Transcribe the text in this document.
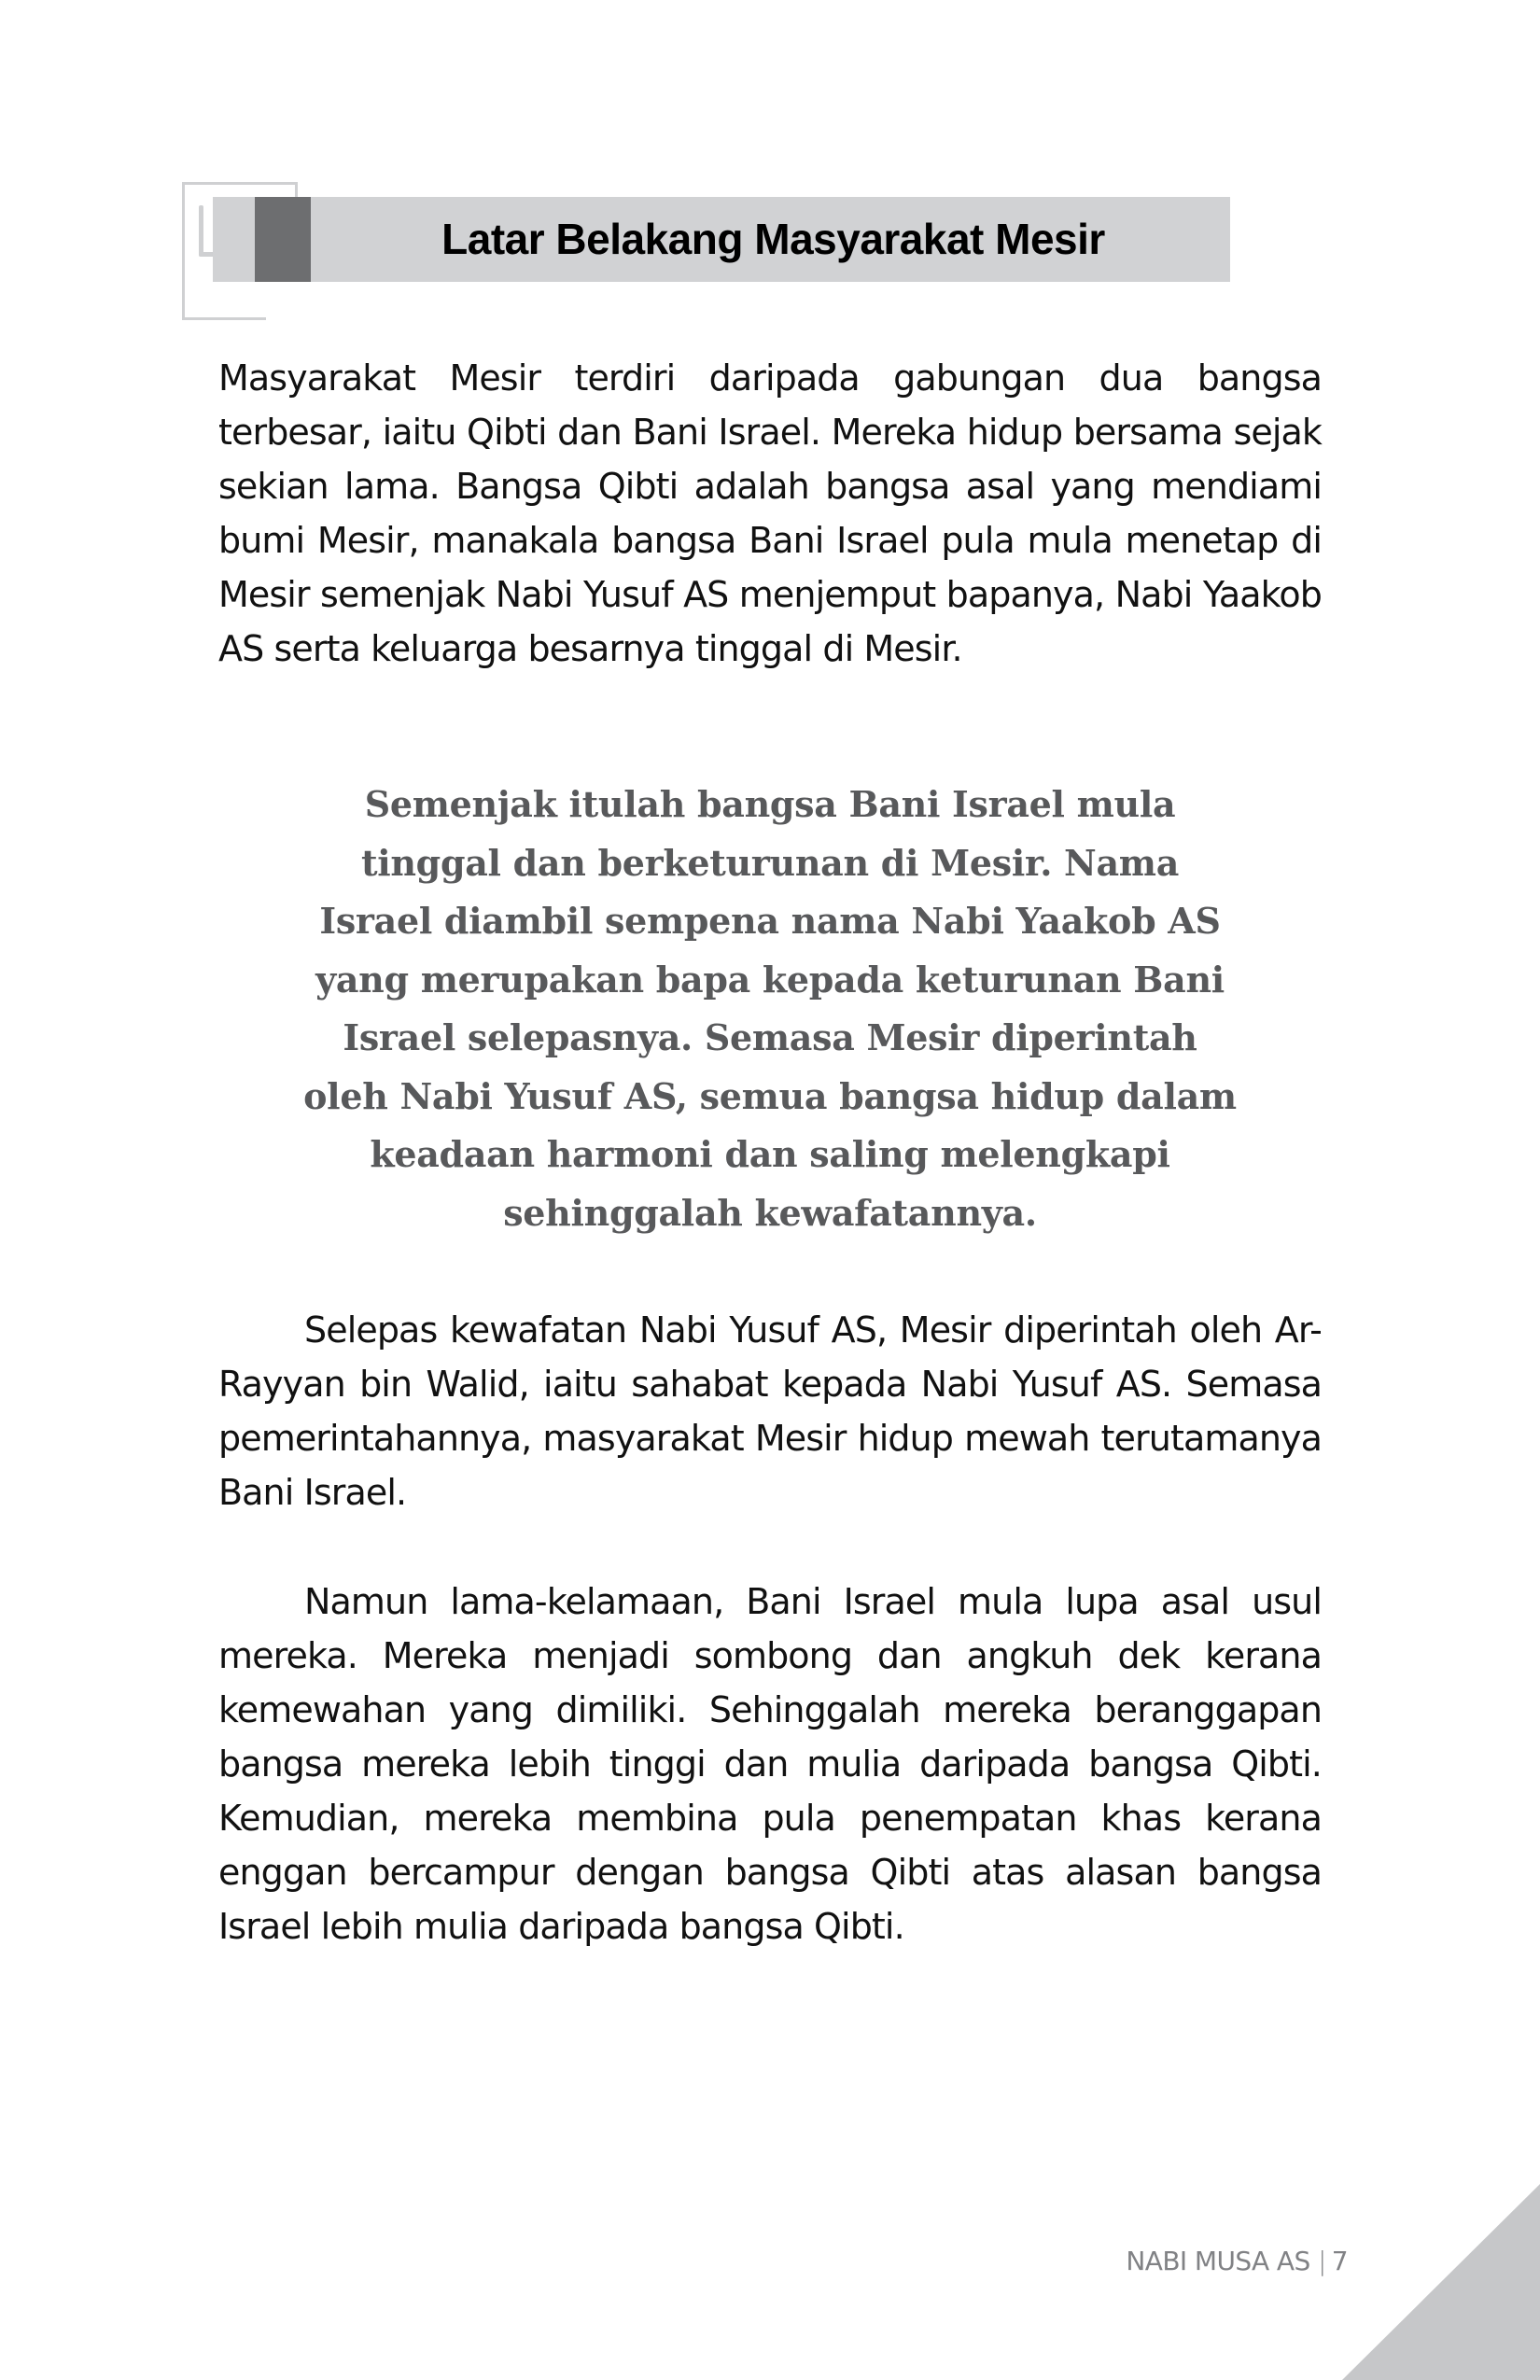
Latar Belakang Masyarakat Mesir

Masyarakat Mesir terdiri daripada gabungan dua bangsa terbesar, iaitu Qibti dan Bani Israel. Mereka hidup bersama sejak sekian lama. Bangsa Qibti adalah bangsa asal yang mendiami bumi Mesir, manakala bangsa Bani Israel pula mula menetap di Mesir semenjak Nabi Yusuf AS menjemput bapanya, Nabi Yaakob AS serta keluarga besarnya tinggal di Mesir.

Semenjak itulah bangsa Bani Israel mula
tinggal dan berketurunan di Mesir. Nama
Israel diambil sempena nama Nabi Yaakob AS
yang merupakan bapa kepada keturunan Bani
Israel selepasnya. Semasa Mesir diperintah
oleh Nabi Yusuf AS, semua bangsa hidup dalam
keadaan harmoni dan saling melengkapi
sehinggalah kewafatannya.

Selepas kewafatan Nabi Yusuf AS, Mesir diperintah oleh Ar-Rayyan bin Walid, iaitu sahabat kepada Nabi Yusuf AS. Semasa pemerintahannya, masyarakat Mesir hidup mewah terutamanya Bani Israel.

Namun lama-kelamaan, Bani Israel mula lupa asal usul mereka. Mereka menjadi sombong dan angkuh dek kerana kemewahan yang dimiliki. Sehinggalah mereka beranggapan bangsa mereka lebih tinggi dan mulia daripada bangsa Qibti. Kemudian, mereka membina pula penempatan khas kerana enggan bercampur dengan bangsa Qibti atas alasan bangsa Israel lebih mulia daripada bangsa Qibti.

NABI MUSA AS | 7
